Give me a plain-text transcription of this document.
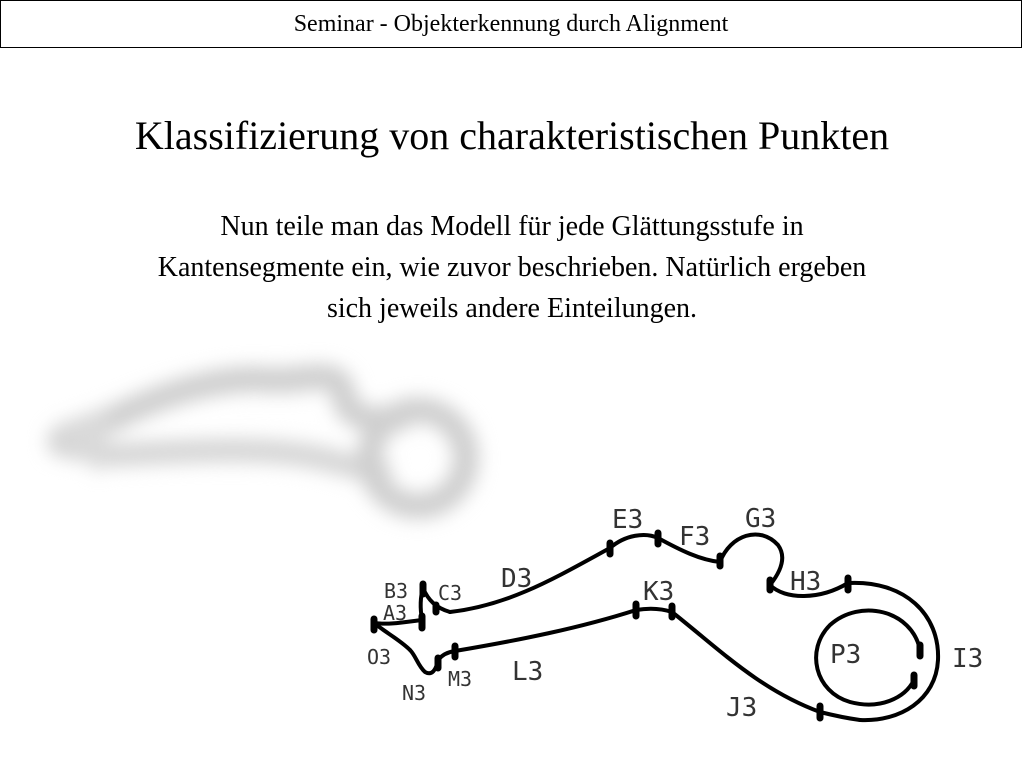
Seminar - Objekterkennung durch Alignment
Klassifizierung von charakteristischen Punkten
Nun teile man das Modell für jede Glättungsstufe in
Kantensegmente ein, wie zuvor beschrieben. Natürlich ergeben
sich jeweils andere Einteilungen.
B3
A3
C3 D3
E3
F3
G3
H3
K3
O3
M3
N3
L3
P3	I3
J3
